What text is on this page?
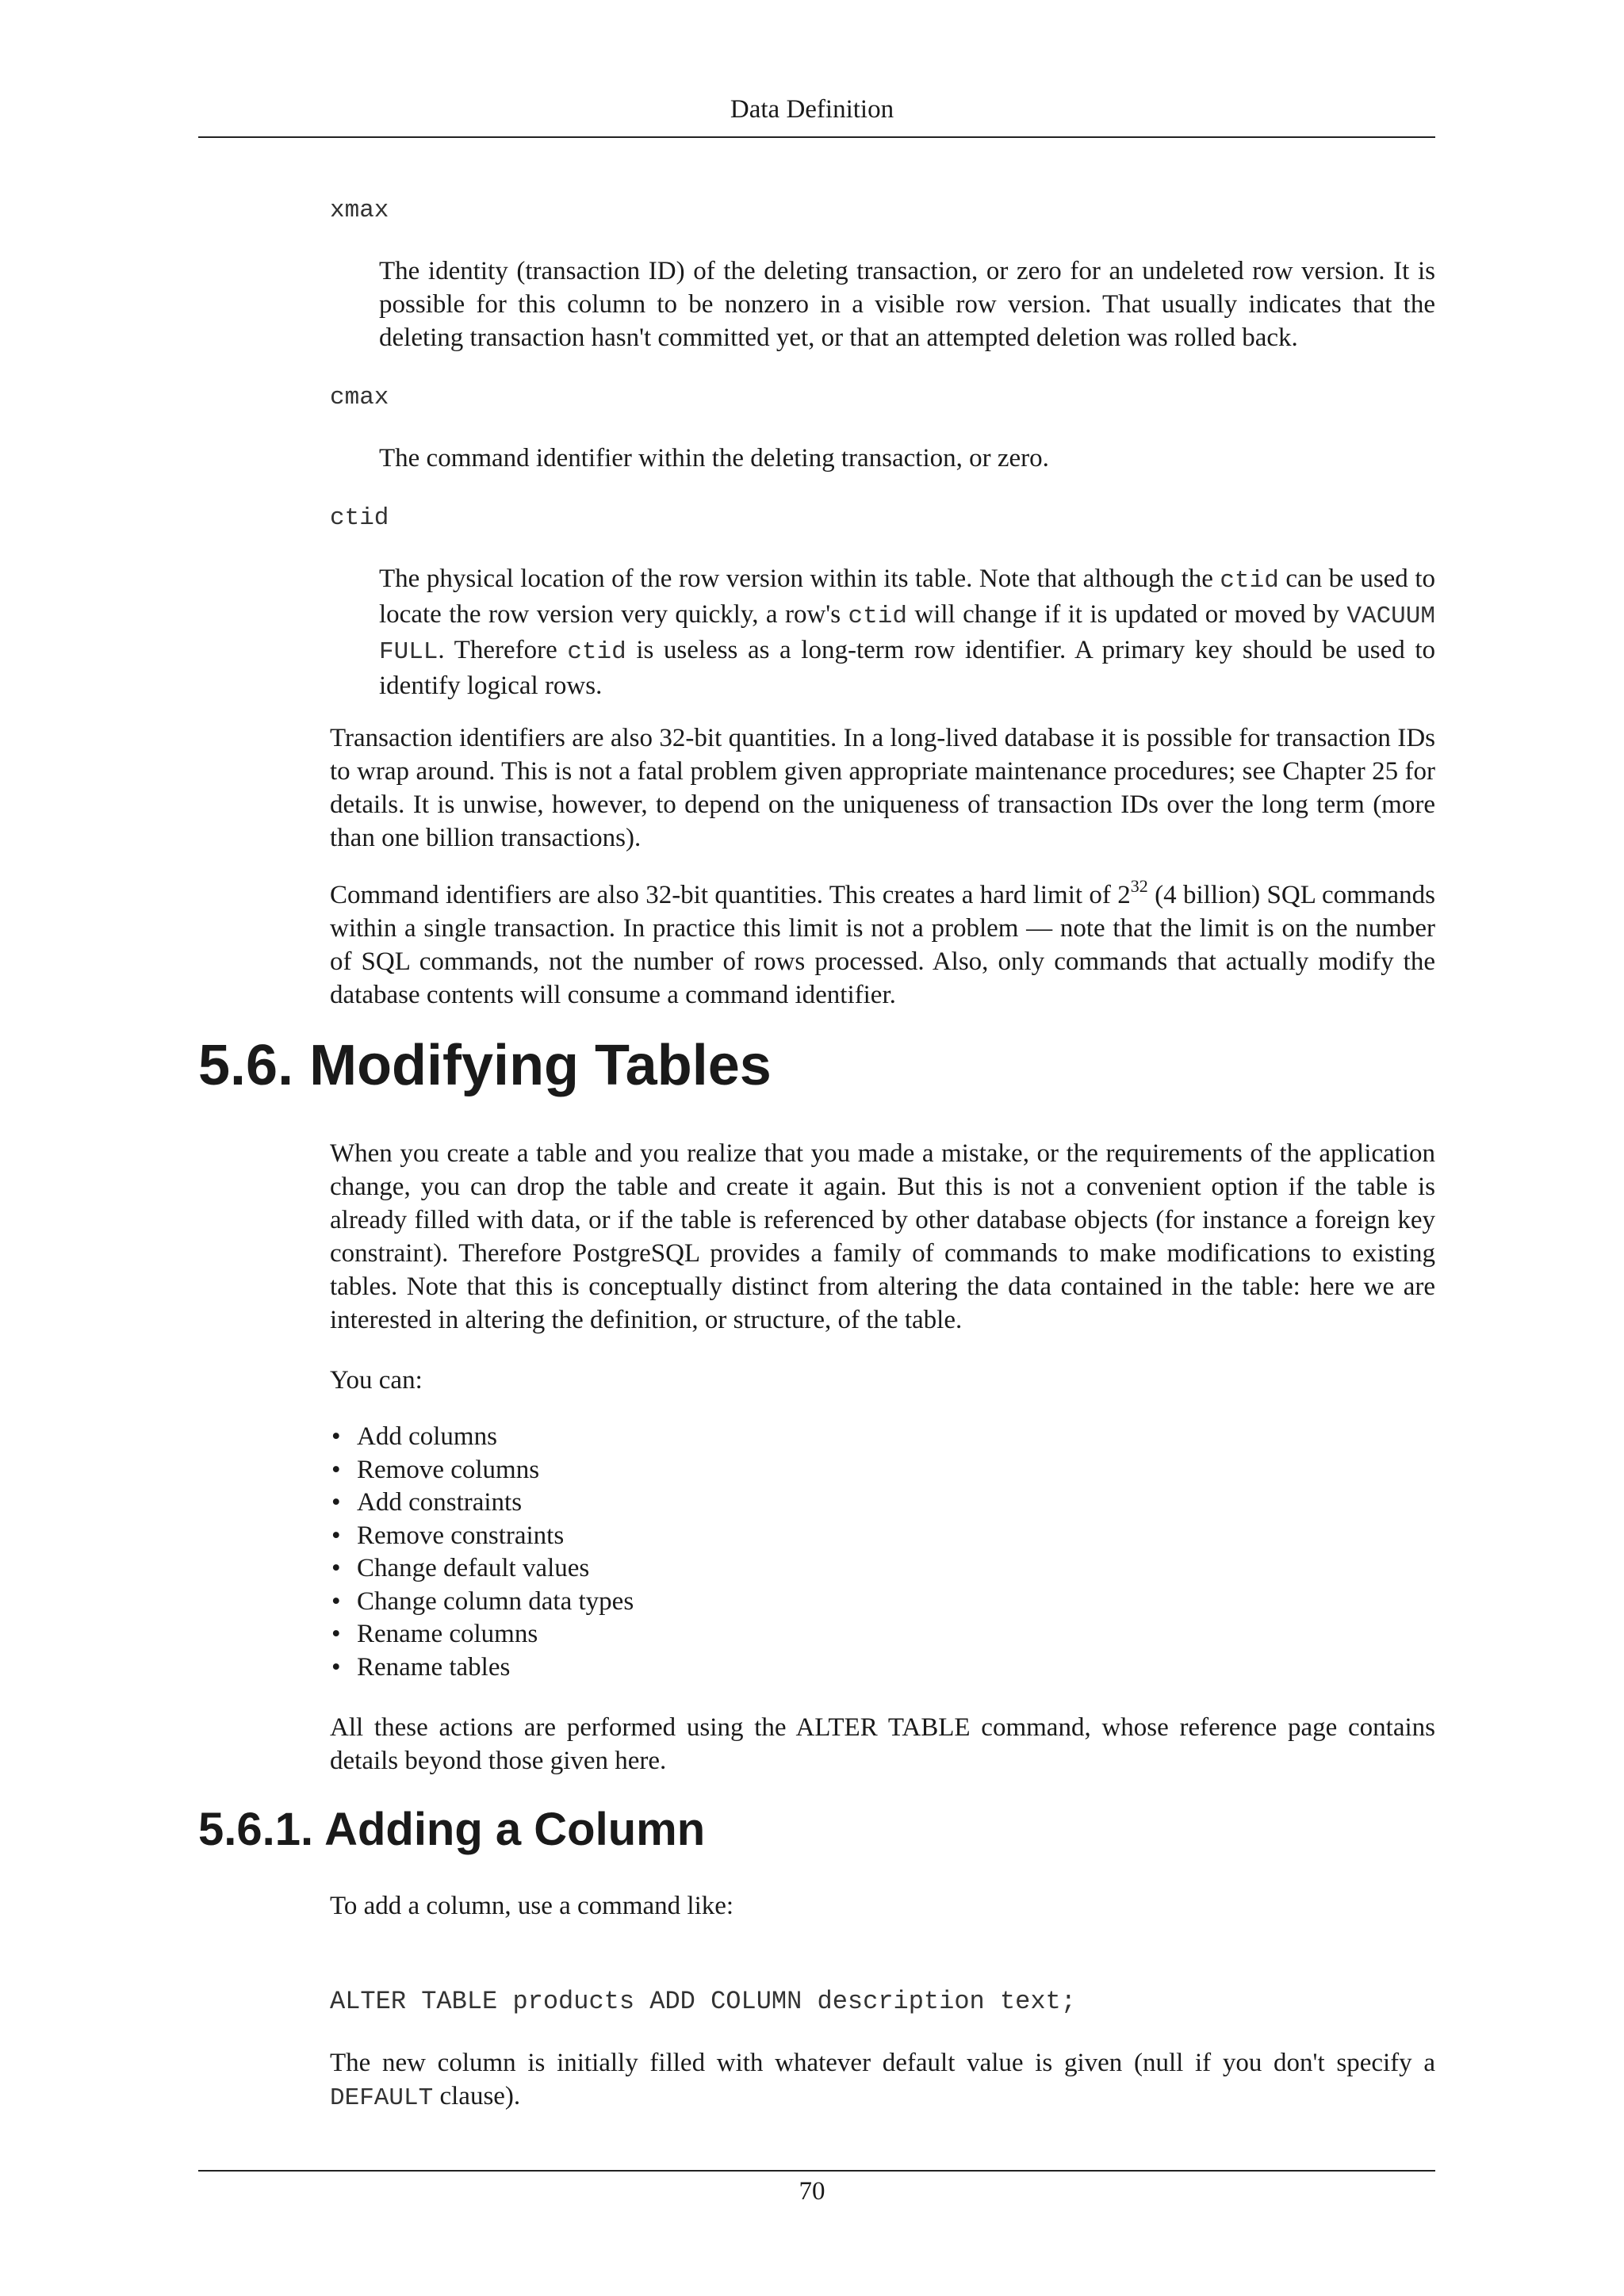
Data Definition
xmax

The identity (transaction ID) of the deleting transaction, or zero for an undeleted row version. It is possible for this column to be nonzero in a visible row version. That usually indicates that the deleting transaction hasn't committed yet, or that an attempted deletion was rolled back.

cmax

The command identifier within the deleting transaction, or zero.

ctid

The physical location of the row version within its table. Note that although the ctid can be used to locate the row version very quickly, a row's ctid will change if it is updated or moved by VACUUM FULL. Therefore ctid is useless as a long-term row identifier. A primary key should be used to identify logical rows.

Transaction identifiers are also 32-bit quantities. In a long-lived database it is possible for transaction IDs to wrap around. This is not a fatal problem given appropriate maintenance procedures; see Chapter 25 for details. It is unwise, however, to depend on the uniqueness of transaction IDs over the long term (more than one billion transactions).

Command identifiers are also 32-bit quantities. This creates a hard limit of $2^{32}$ (4 billion) SQL commands within a single transaction. In practice this limit is not a problem — note that the limit is on the number of SQL commands, not the number of rows processed. Also, only commands that actually modify the database contents will consume a command identifier.

5.6. Modifying Tables

When you create a table and you realize that you made a mistake, or the requirements of the application change, you can drop the table and create it again. But this is not a convenient option if the table is already filled with data, or if the table is referenced by other database objects (for instance a foreign key constraint). Therefore PostgreSQL provides a family of commands to make modifications to existing tables. Note that this is conceptually distinct from altering the data contained in the table: here we are interested in altering the definition, or structure, of the table.

You can:

• Add columns
• Remove columns
• Add constraints
• Remove constraints
• Change default values
• Change column data types
• Rename columns
• Rename tables

All these actions are performed using the ALTER TABLE command, whose reference page contains details beyond those given here.

5.6.1. Adding a Column

To add a column, use a command like:

ALTER TABLE products ADD COLUMN description text;

The new column is initially filled with whatever default value is given (null if you don't specify a DEFAULT clause).

70
